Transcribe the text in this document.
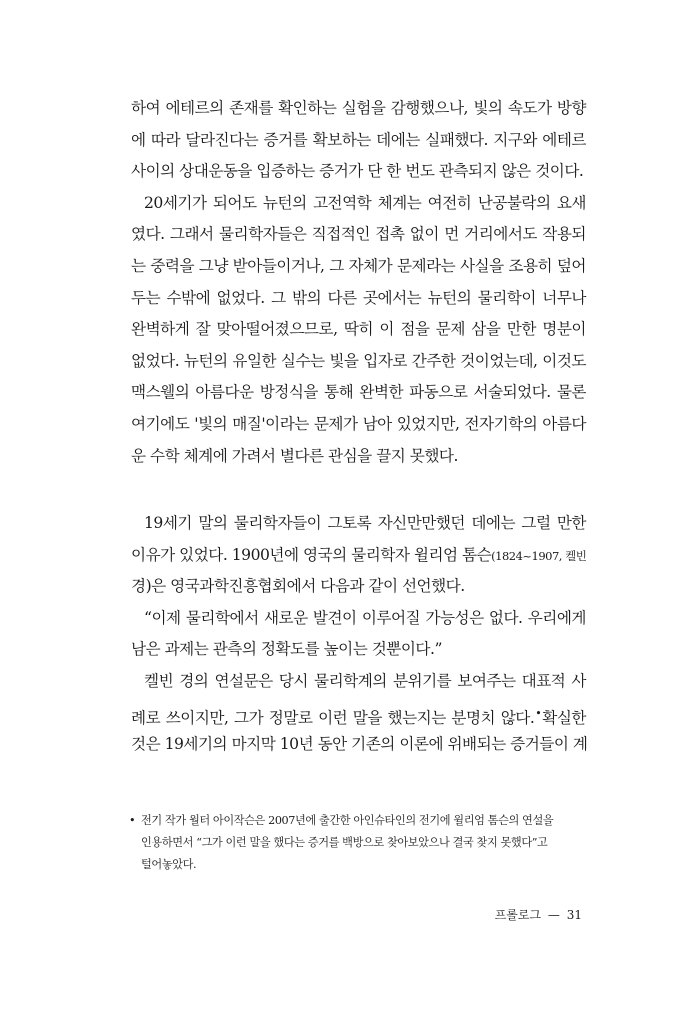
하여 에테르의 존재를 확인하는 실험을 감행했으나, 빛의 속도가 방향
에 따라 달라진다는 증거를 확보하는 데에는 실패했다. 지구와 에테르
사이의 상대운동을 입증하는 증거가 단 한 번도 관측되지 않은 것이다.
20세기가 되어도 뉴턴의 고전역학 체계는 여전히 난공불락의 요새
였다. 그래서 물리학자들은 직접적인 접촉 없이 먼 거리에서도 작용되
는 중력을 그냥 받아들이거나, 그 자체가 문제라는 사실을 조용히 덮어
두는 수밖에 없었다. 그 밖의 다른 곳에서는 뉴턴의 물리학이 너무나
완벽하게 잘 맞아떨어졌으므로, 딱히 이 점을 문제 삼을 만한 명분이
없었다. 뉴턴의 유일한 실수는 빛을 입자로 간주한 것이었는데, 이것도
맥스웰의 아름다운 방정식을 통해 완벽한 파동으로 서술되었다. 물론
여기에도 '빛의 매질'이라는 문제가 남아 있었지만, 전자기학의 아름다
운 수학 체계에 가려서 별다른 관심을 끌지 못했다.
19세기 말의 물리학자들이 그토록 자신만만했던 데에는 그럴 만한
이유가 있었다. 1900년에 영국의 물리학자 윌리엄 톰슨(1824~1907, 켈빈
경)은 영국과학진흥협회에서 다음과 같이 선언했다.
“이제 물리학에서 새로운 발견이 이루어질 가능성은 없다. 우리에게
남은 과제는 관측의 정확도를 높이는 것뿐이다.”
켈빈 경의 연설문은 당시 물리학계의 분위기를 보여주는 대표적 사
례로 쓰이지만, 그가 정말로 이런 말을 했는지는 분명치 않다.•확실한
것은 19세기의 마지막 10년 동안 기존의 이론에 위배되는 증거들이 계
• 전기 작가 월터 아이작슨은 2007년에 출간한 아인슈타인의 전기에 윌리엄 톰슨의 연설을
인용하면서 “그가 이런 말을 했다는 증거를 백방으로 찾아보았으나 결국 찾지 못했다”고
털어놓았다.
프롤로그 — 31
